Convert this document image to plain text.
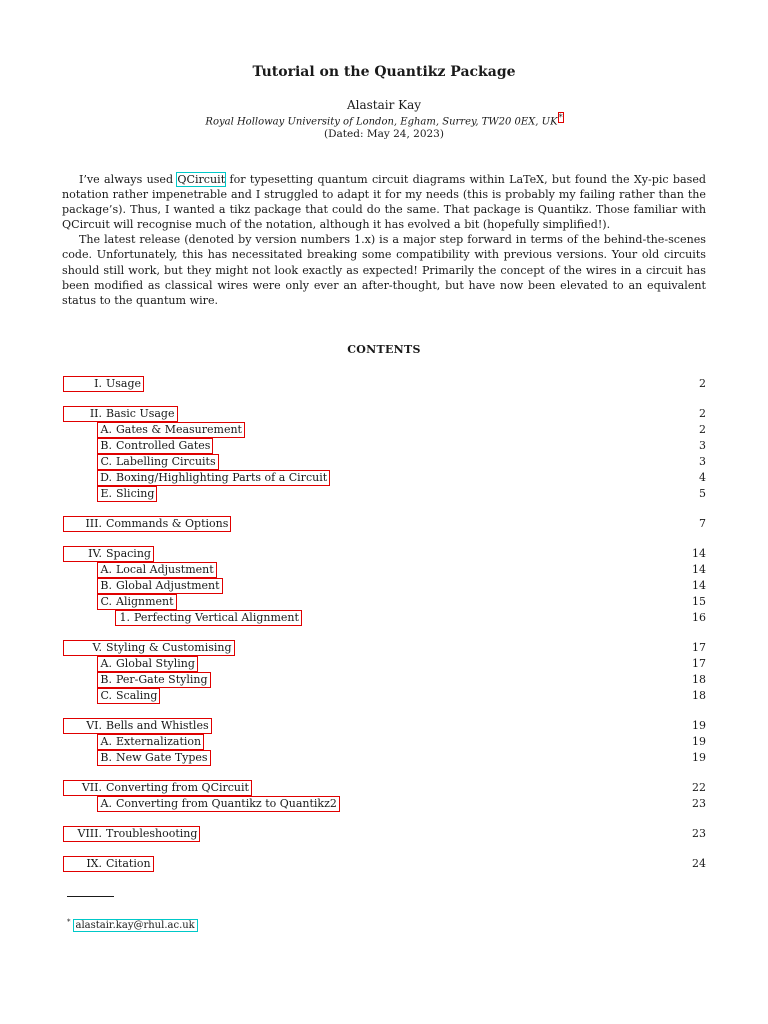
Tutorial on the Quantikz Package
Alastair Kay
Royal Holloway University of London, Egham, Surrey, TW20 0EX, UK*
(Dated: May 24, 2023)

I’ve always used QCircuit for typesetting quantum circuit diagrams within LaTeX, but found the Xy-pic based notation rather impenetrable and I struggled to adapt it for my needs (this is probably my failing rather than the package’s). Thus, I wanted a tikz package that could do the same. That package is Quantikz. Those familiar with QCircuit will recognise much of the notation, although it has evolved a bit (hopefully simplified!).

The latest release (denoted by version numbers 1.x) is a major step forward in terms of the behind-the-scenes code. Unfortunately, this has necessitated breaking some compatibility with previous versions. Your old circuits should still work, but they might not look exactly as expected! Primarily the concept of the wires in a circuit has been modified as classical wires were only ever an after-thought, but have now been elevated to an equivalent status to the quantum wire.

CONTENTS
I. Usage	2
II. Basic Usage	2
A. Gates & Measurement	2
B. Controlled Gates	3
C. Labelling Circuits	3
D. Boxing/Highlighting Parts of a Circuit	4
E. Slicing	5
III. Commands & Options	7
IV. Spacing	14
A. Local Adjustment	14
B. Global Adjustment	14
C. Alignment	15
1. Perfecting Vertical Alignment	16
V. Styling & Customising	17
A. Global Styling	17
B. Per-Gate Styling	18
C. Scaling	18
VI. Bells and Whistles	19
A. Externalization	19
B. New Gate Types	19
VII. Converting from QCircuit	22
A. Converting from Quantikz to Quantikz2	23
VIII. Troubleshooting	23
IX. Citation	24
* alastair.kay@rhul.ac.uk
